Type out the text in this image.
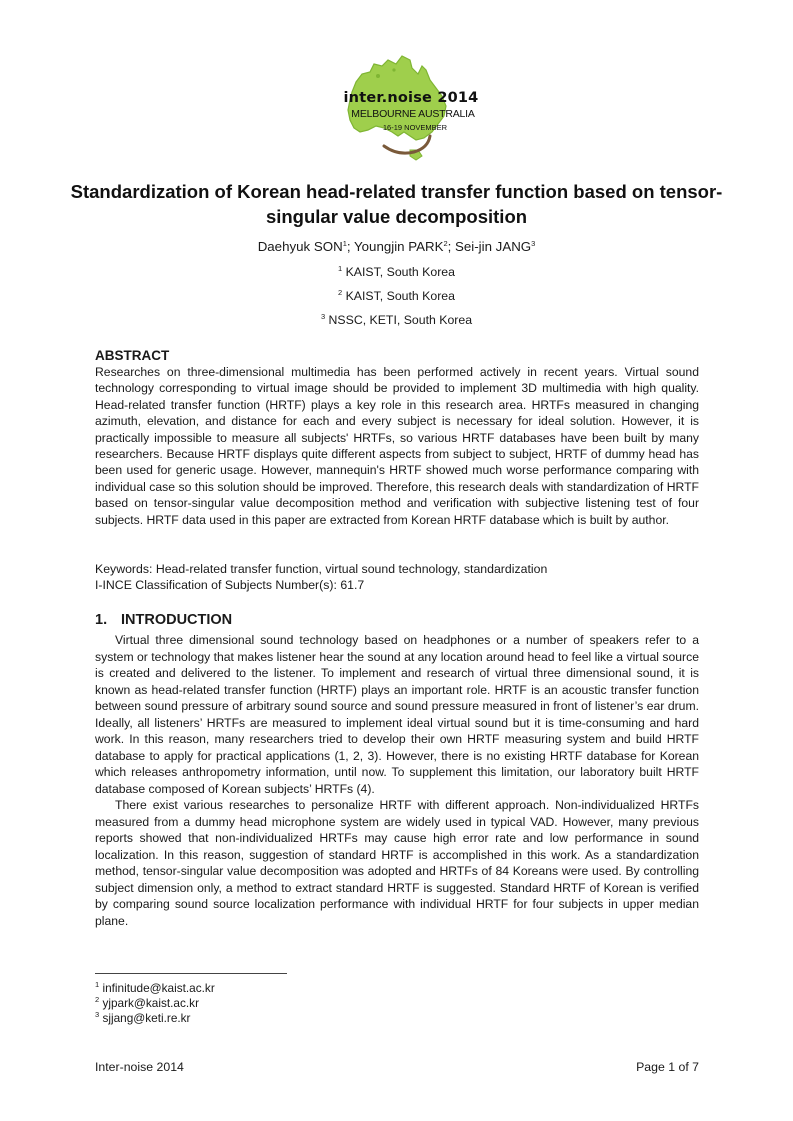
inter.noise 2014
MELBOURNE AUSTRALIA
16-19 NOVEMBER
Standardization of Korean head-related transfer function based on tensor-singular value decomposition
Daehyuk SON$^1$; Youngjin PARK$^2$; Sei-jin JANG$^3$
$^1$ KAIST, South Korea
$^2$ KAIST, South Korea
$^3$ NSSC, KETI, South Korea
ABSTRACT

Researches on three-dimensional multimedia has been performed actively in recent years. Virtual sound technology corresponding to virtual image should be provided to implement 3D multimedia with high quality. Head-related transfer function (HRTF) plays a key role in this research area. HRTFs measured in changing azimuth, elevation, and distance for each and every subject is necessary for ideal solution. However, it is practically impossible to measure all subjects' HRTFs, so various HRTF databases have been built by many researchers. Because HRTF displays quite different aspects from subject to subject, HRTF of dummy head has been used for generic usage. However, mannequin's HRTF showed much worse performance comparing with individual case so this solution should be improved. Therefore, this research deals with standardization of HRTF based on tensor-singular value decomposition method and verification with subjective listening test of four subjects. HRTF data used in this paper are extracted from Korean HRTF database which is built by author.

Keywords: Head-related transfer function, virtual sound technology, standardization
I-INCE Classification of Subjects Number(s): 61.7
1. INTRODUCTION

Virtual three dimensional sound technology based on headphones or a number of speakers refer to a system or technology that makes listener hear the sound at any location around head to feel like a virtual source is created and delivered to the listener. To implement and research of virtual three dimensional sound, it is known as head-related transfer function (HRTF) plays an important role. HRTF is an acoustic transfer function between sound pressure of arbitrary sound source and sound pressure measured in front of listener’s ear drum. Ideally, all listeners’ HRTFs are measured to implement ideal virtual sound but it is time-consuming and hard work. In this reason, many researchers tried to develop their own HRTF measuring system and build HRTF database to apply for practical applications (1, 2, 3). However, there is no existing HRTF database for Korean which releases anthropometry information, until now. To supplement this limitation, our laboratory built HRTF database composed of Korean subjects’ HRTFs (4).

There exist various researches to personalize HRTF with different approach. Non-individualized HRTFs measured from a dummy head microphone system are widely used in typical VAD. However, many previous reports showed that non-individualized HRTFs may cause high error rate and low performance in sound localization. In this reason, suggestion of standard HRTF is accomplished in this work. As a standardization method, tensor-singular value decomposition was adopted and HRTFs of 84 Koreans were used. By controlling subject dimension only, a method to extract standard HRTF is suggested. Standard HRTF of Korean is verified by comparing sound source localization performance with individual HRTF for four subjects in upper median plane.

$^1$ infinitude@kaist.ac.kr
$^2$ yjpark@kaist.ac.kr
$^3$ sjjang@keti.re.kr
Inter-noise 2014	Page 1 of 7
